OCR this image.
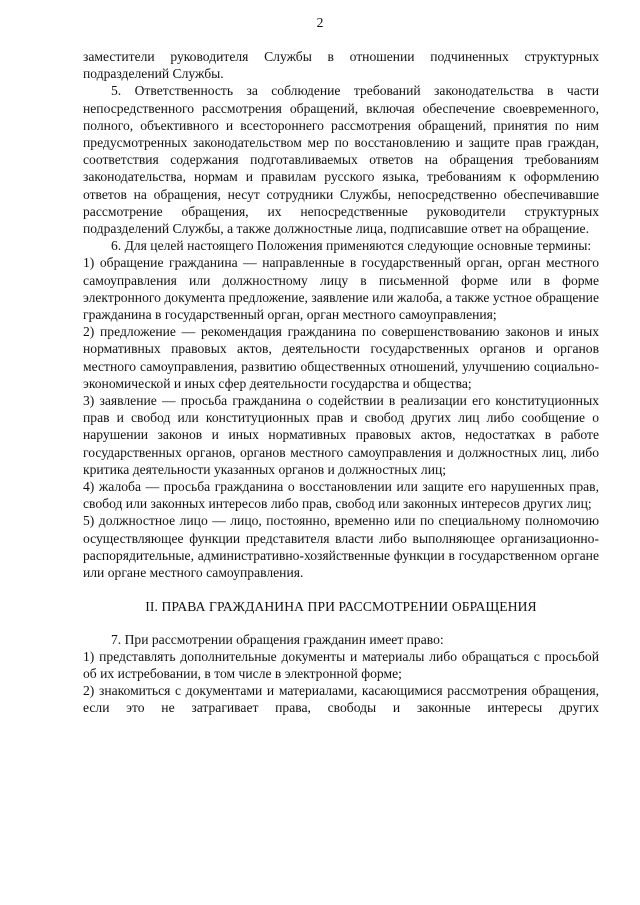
2

заместители руководителя Службы в отношении подчиненных структурных подразделений Службы.

5. Ответственность за соблюдение требований законодательства в части непосредственного рассмотрения обращений, включая обеспечение своевременного, полного, объективного и всестороннего рассмотрения обращений, принятия по ним предусмотренных законодательством мер по восстановлению и защите прав граждан, соответствия содержания подготавливаемых ответов на обращения требованиям законодательства, нормам и правилам русского языка, требованиям к оформлению ответов на обращения, несут сотрудники Службы, непосредственно обеспечивавшие рассмотрение обращения, их непосредственные руководители структурных подразделений Службы, а также должностные лица, подписавшие ответ на обращение.

6. Для целей настоящего Положения применяются следующие основные термины:

1) обращение гражданина — направленные в государственный орган, орган местного самоуправления или должностному лицу в письменной форме или в форме электронного документа предложение, заявление или жалоба, а также устное обращение гражданина в государственный орган, орган местного самоуправления;

2) предложение — рекомендация гражданина по совершенствованию законов и иных нормативных правовых актов, деятельности государственных органов и органов местного самоуправления, развитию общественных отношений, улучшению социально-экономической и иных сфер деятельности государства и общества;

3) заявление — просьба гражданина о содействии в реализации его конституционных прав и свобод или конституционных прав и свобод других лиц либо сообщение о нарушении законов и иных нормативных правовых актов, недостатках в работе государственных органов, органов местного самоуправления и должностных лиц, либо критика деятельности указанных органов и должностных лиц;

4) жалоба — просьба гражданина о восстановлении или защите его нарушенных прав, свобод или законных интересов либо прав, свобод или законных интересов других лиц;

5) должностное лицо — лицо, постоянно, временно или по специальному полномочию осуществляющее функции представителя власти либо выполняющее организационно-распорядительные, административно-хозяйственные функции в государственном органе или органе местного самоуправления.

II. ПРАВА ГРАЖДАНИНА ПРИ РАССМОТРЕНИИ ОБРАЩЕНИЯ

7. При рассмотрении обращения гражданин имеет право:

1) представлять дополнительные документы и материалы либо обращаться с просьбой об их истребовании, в том числе в электронной форме;

2) знакомиться с документами и материалами, касающимися рассмотрения обращения, если это не затрагивает права, свободы и законные интересы других
